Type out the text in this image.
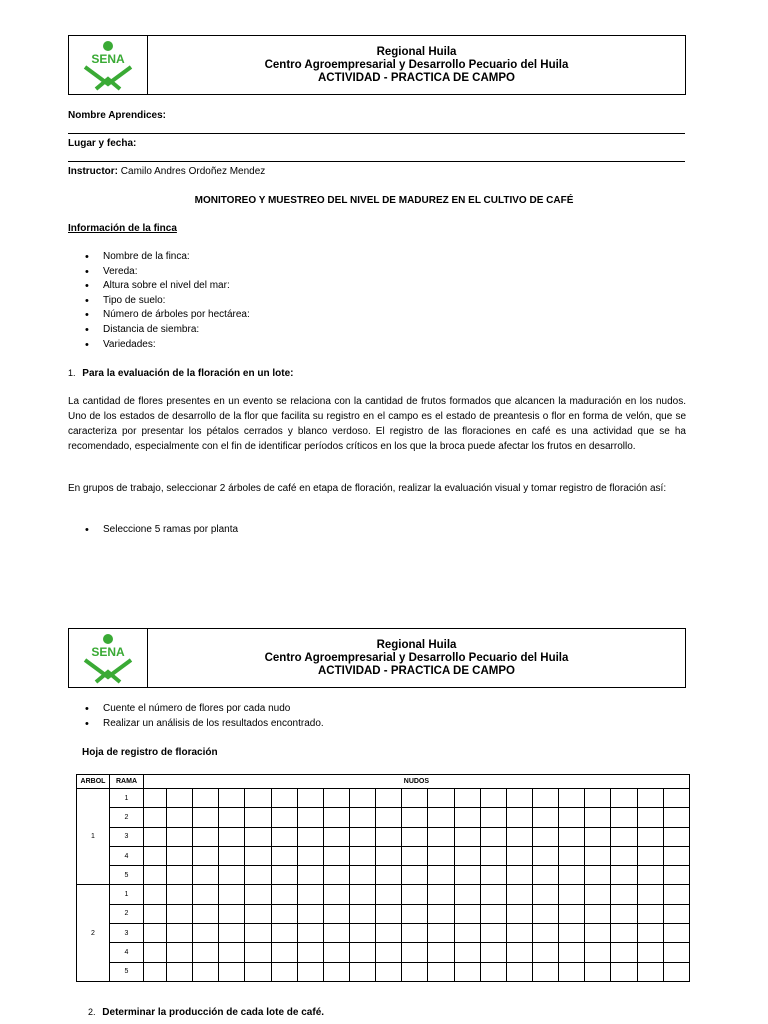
SENA
Regional Huila
Centro Agroempresarial y Desarrollo Pecuario del Huila
ACTIVIDAD - PRACTICA DE CAMPO
Nombre Aprendices:
Lugar y fecha:
Instructor: Camilo Andres Ordoñez Mendez
MONITOREO Y MUESTREO DEL NIVEL DE MADUREZ EN EL CULTIVO DE CAFÉ
Información de la finca
• Nombre de la finca:
• Vereda:
• Altura sobre el nivel del mar:
• Tipo de suelo:
• Número de árboles por hectárea:
• Distancia de siembra:
• Variedades:
1. Para la evaluación de la floración en un lote:
La cantidad de flores presentes en un evento se relaciona con la cantidad de frutos formados que alcancen la maduración en los nudos. Uno de los estados de desarrollo de la flor que facilita su registro en el campo es el estado de preantesis o flor en forma de velón, que se caracteriza por presentar los pétalos cerrados y blanco verdoso. El registro de las floraciones en café es una actividad que se ha recomendado, especialmente con el fin de identificar períodos críticos en los que la broca puede afectar los frutos en desarrollo.
En grupos de trabajo, seleccionar 2 árboles de café en etapa de floración, realizar la evaluación visual y tomar registro de floración así:
• Seleccione 5 ramas por planta
SENA
Regional Huila
Centro Agroempresarial y Desarrollo Pecuario del Huila
ACTIVIDAD - PRACTICA DE CAMPO
• Cuente el número de flores por cada nudo
• Realizar un análisis de los resultados encontrado.
Hoja de registro de floración
ARBOL	RAMA	NUDOS																				
1	1																					
	2																					
	3																					
	4																					
	5																					
2	1																					
	2																					
	3																					
	4																					
	5																					
2. Determinar la producción de cada lote de café.
